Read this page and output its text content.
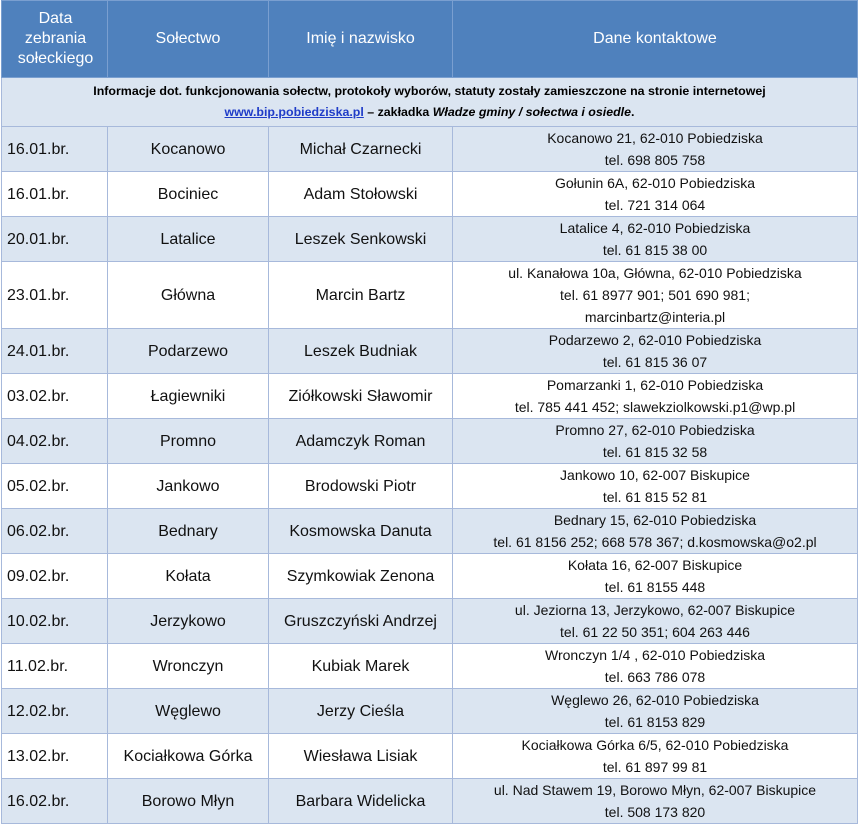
Data
zebrania
sołeckiego	Sołectwo	Imię i nazwisko	Dane kontaktowe

Informacje dot. funkcjonowania sołectw, protokoły wyborów, statuty zostały zamieszczone na stronie internetowej
www.bip.pobiedziska.pl – zakładka Władze gminy / sołectwa i osiedle.			

16.01.br.	Kocanowo	Michał Czarnecki	Kocanowo 21, 62-010 Pobiedziska
tel. 698 805 758

16.01.br.	Bociniec	Adam Stołowski	Gołunin 6A, 62-010 Pobiedziska
tel. 721 314 064

20.01.br.	Latalice	Leszek Senkowski	Latalice 4, 62-010 Pobiedziska
tel. 61 815 38 00

23.01.br.	Główna	Marcin Bartz	ul. Kanałowa 10a, Główna, 62-010 Pobiedziska
tel. 61 8977 901; 501 690 981;
marcinbartz@interia.pl

24.01.br.	Podarzewo	Leszek Budniak	Podarzewo 2, 62-010 Pobiedziska
tel. 61 815 36 07

03.02.br.	Łagiewniki	Ziółkowski Sławomir	Pomarzanki 1, 62-010 Pobiedziska
tel. 785 441 452; slawekziolkowski.p1@wp.pl

04.02.br.	Promno	Adamczyk Roman	Promno 27, 62-010 Pobiedziska
tel. 61 815 32 58

05.02.br.	Jankowo	Brodowski Piotr	Jankowo 10, 62-007 Biskupice
tel. 61 815 52 81

06.02.br.	Bednary	Kosmowska Danuta	Bednary 15, 62-010 Pobiedziska
tel. 61 8156 252; 668 578 367; d.kosmowska@o2.pl

09.02.br.	Kołata	Szymkowiak Zenona	Kołata 16, 62-007 Biskupice
tel. 61 8155 448

10.02.br.	Jerzykowo	Gruszczyński Andrzej	ul. Jeziorna 13, Jerzykowo, 62-007 Biskupice
tel. 61 22 50 351; 604 263 446

11.02.br.	Wronczyn	Kubiak Marek	Wronczyn 1/4 , 62-010 Pobiedziska
tel. 663 786 078

12.02.br.	Węglewo	Jerzy Cieśla	Węglewo 26, 62-010 Pobiedziska
tel. 61 8153 829

13.02.br.	Kociałkowa Górka	Wiesława Lisiak	Kociałkowa Górka 6/5, 62-010 Pobiedziska
tel. 61 897 99 81

16.02.br.	Borowo Młyn	Barbara Widelicka	ul. Nad Stawem 19, Borowo Młyn, 62-007 Biskupice
tel. 508 173 820
